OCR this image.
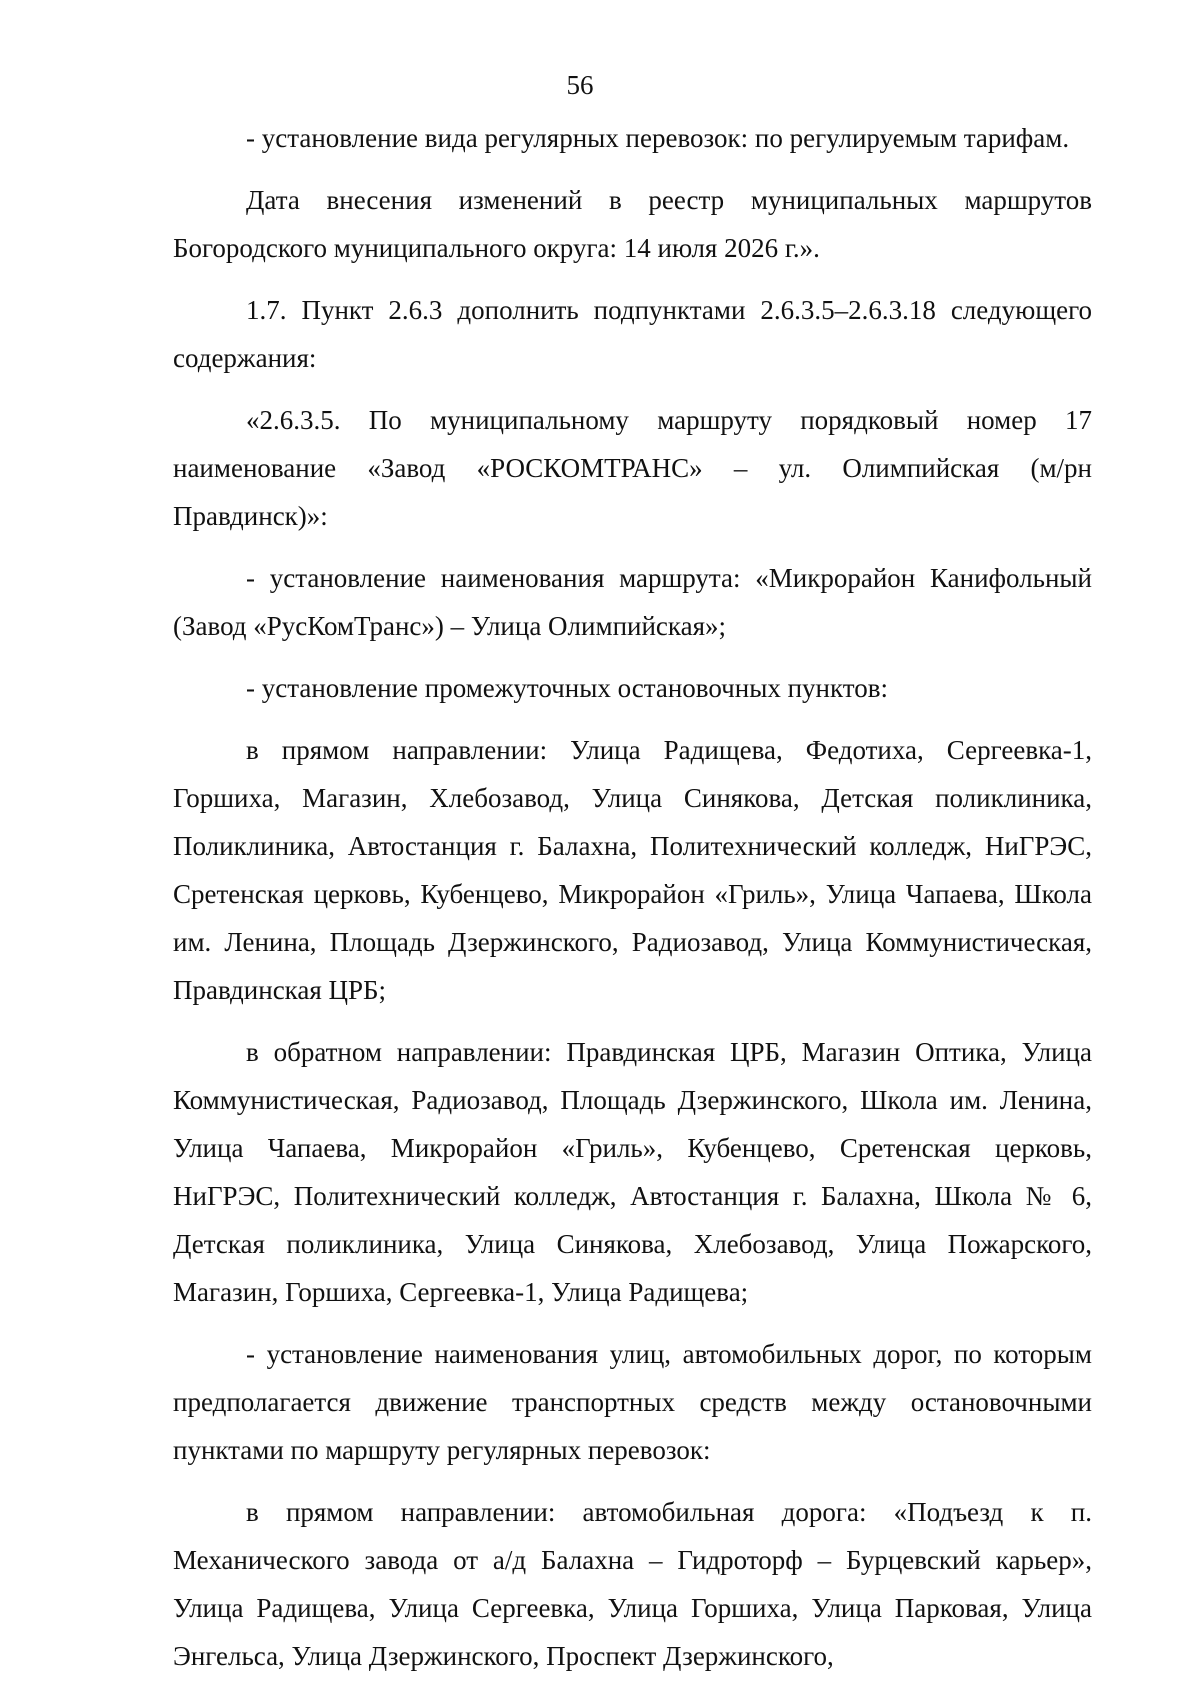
56

- установление вида регулярных перевозок: по регулируемым тарифам.

Дата внесения изменений в реестр муниципальных маршрутов Богородского муниципального округа: 14 июля 2026 г.».

1.7. Пункт 2.6.3 дополнить подпунктами 2.6.3.5–2.6.3.18 следующего содержания:

«2.6.3.5. По муниципальному маршруту порядковый номер 17 наименование «Завод «РОСКОМТРАНС» – ул. Олимпийская (м/рн Правдинск)»:

- установление наименования маршрута: «Микрорайон Канифольный (Завод «РусКомТранс») – Улица Олимпийская»;

- установление промежуточных остановочных пунктов:

в прямом направлении: Улица Радищева, Федотиха, Сергеевка-1, Горшиха, Магазин, Хлебозавод, Улица Синякова, Детская поликлиника, Поликлиника, Автостанция г. Балахна, Политехнический колледж, НиГРЭС, Сретенская церковь, Кубенцево, Микрорайон «Гриль», Улица Чапаева, Школа им. Ленина, Площадь Дзержинского, Радиозавод, Улица Коммунистическая, Правдинская ЦРБ;

в обратном направлении: Правдинская ЦРБ, Магазин Оптика, Улица Коммунистическая, Радиозавод, Площадь Дзержинского, Школа им. Ленина, Улица Чапаева, Микрорайон «Гриль», Кубенцево, Сретенская церковь, НиГРЭС, Политехнический колледж, Автостанция г. Балахна, Школа № 6, Детская поликлиника, Улица Синякова, Хлебозавод, Улица Пожарского, Магазин, Горшиха, Сергеевка-1, Улица Радищева;

- установление наименования улиц, автомобильных дорог, по которым предполагается движение транспортных средств между остановочными пунктами по маршруту регулярных перевозок:

в прямом направлении: автомобильная дорога: «Подъезд к п. Механического завода от а/д Балахна – Гидроторф – Бурцевский карьер», Улица Радищева, Улица Сергеевка, Улица Горшиха, Улица Парковая, Улица Энгельса, Улица Дзержинского, Проспект Дзержинского,
